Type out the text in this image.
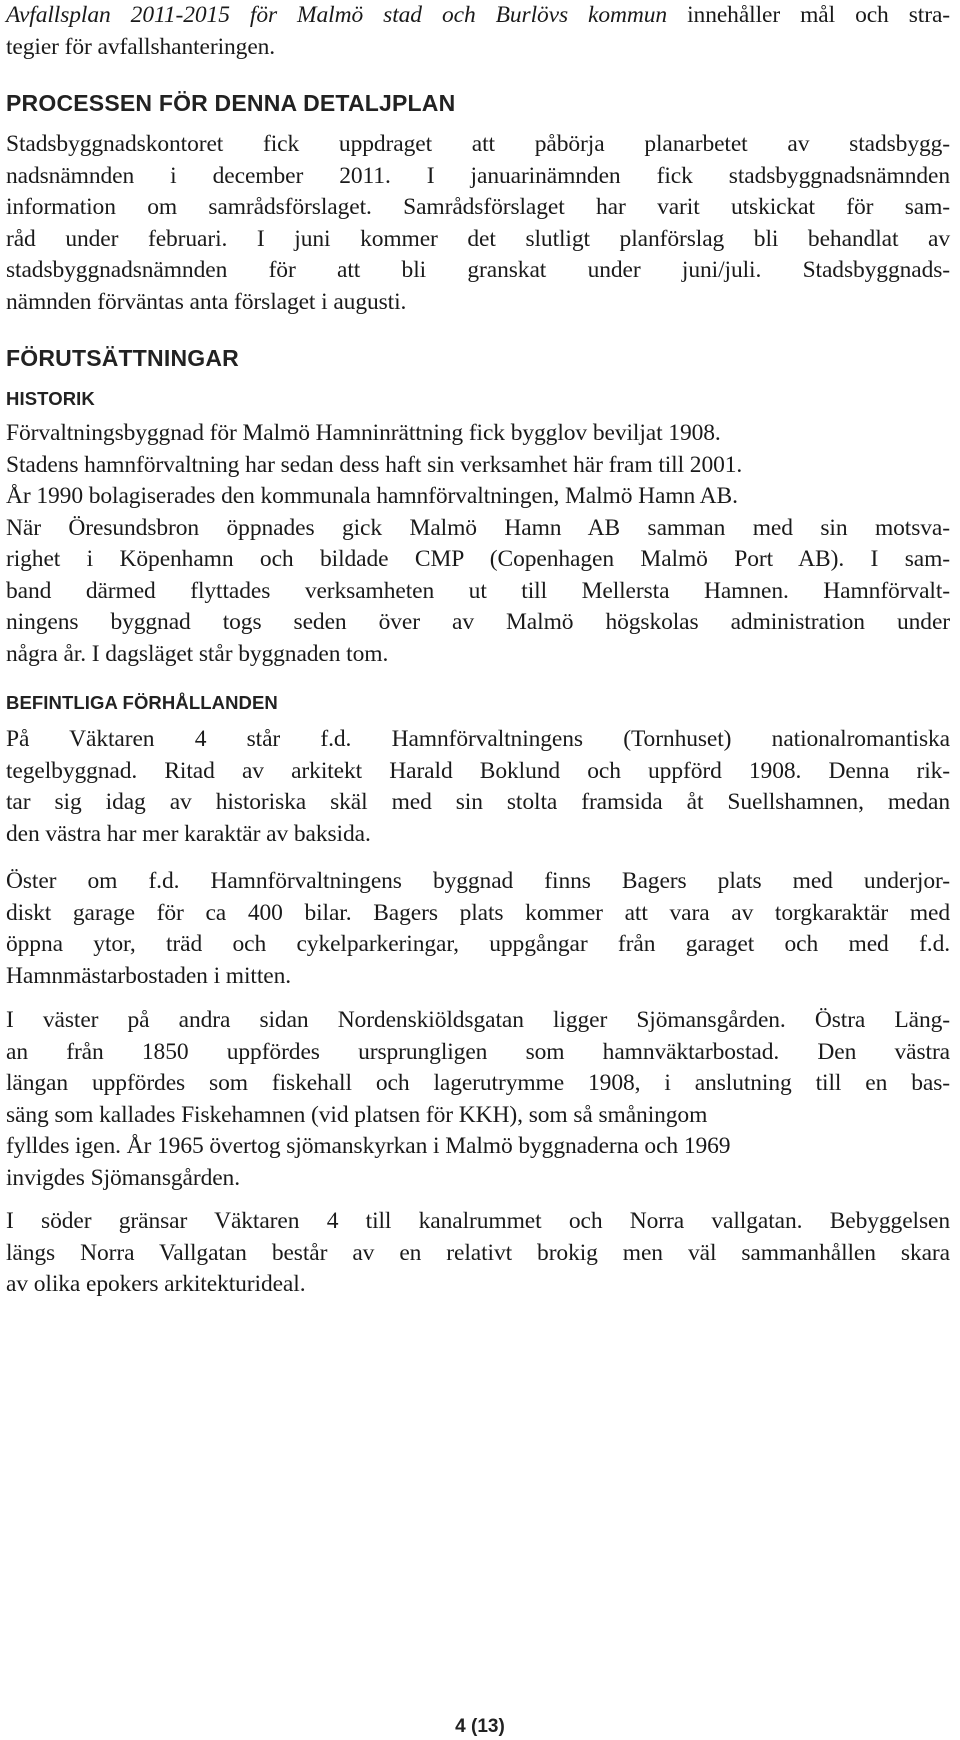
Avfallsplan 2011-2015 för Malmö stad och Burlövs kommun innehåller mål och stra-
tegier för avfallshanteringen.
PROCESSEN FÖR DENNA DETALJPLAN
Stadsbyggnadskontoret fick uppdraget att påbörja planarbetet av stadsbygg-
nadsnämnden i december 2011. I januarinämnden fick stadsbyggnadsnämnden
information om samrådsförslaget. Samrådsförslaget har varit utskickat för sam-
råd under februari. I juni kommer det slutligt planförslag bli behandlat av
stadsbyggnadsnämnden för att bli granskat under juni/juli. Stadsbyggnads-
nämnden förväntas anta förslaget i augusti.
FÖRUTSÄTTNINGAR
HISTORIK
Förvaltningsbyggnad för Malmö Hamninrättning fick bygglov beviljat 1908.
Stadens hamnförvaltning har sedan dess haft sin verksamhet här fram till 2001.
År 1990 bolagiserades den kommunala hamnförvaltningen, Malmö Hamn AB.
När Öresundsbron öppnades gick Malmö Hamn AB samman med sin motsva-
righet i Köpenhamn och bildade CMP (Copenhagen Malmö Port AB). I sam-
band därmed flyttades verksamheten ut till Mellersta Hamnen. Hamnförvalt-
ningens byggnad togs seden över av Malmö högskolas administration under
några år. I dagsläget står byggnaden tom.
BEFINTLIGA FÖRHÅLLANDEN
På Väktaren 4 står f.d. Hamnförvaltningens (Tornhuset) nationalromantiska
tegelbyggnad. Ritad av arkitekt Harald Boklund och uppförd 1908. Denna rik-
tar sig idag av historiska skäl med sin stolta framsida åt Suellshamnen, medan
den västra har mer karaktär av baksida.
Öster om f.d. Hamnförvaltningens byggnad finns Bagers plats med underjor-
diskt garage för ca 400 bilar. Bagers plats kommer att vara av torgkaraktär med
öppna ytor, träd och cykelparkeringar, uppgångar från garaget och med f.d.
Hamnmästarbostaden i mitten.
I väster på andra sidan Nordenskiöldsgatan ligger Sjömansgården. Östra Läng-
an från 1850 uppfördes ursprungligen som hamnväktarbostad. Den västra
längan uppfördes som fiskehall och lagerutrymme 1908, i anslutning till en bas-
säng som kallades Fiskehamnen (vid platsen för KKH), som så småningom
fylldes igen. År 1965 övertog sjömanskyrkan i Malmö byggnaderna och 1969
invigdes Sjömansgården.
I söder gränsar Väktaren 4 till kanalrummet och Norra vallgatan. Bebyggelsen
längs Norra Vallgatan består av en relativt brokig men väl sammanhållen skara
av olika epokers arkitekturideal.
4 (13)
